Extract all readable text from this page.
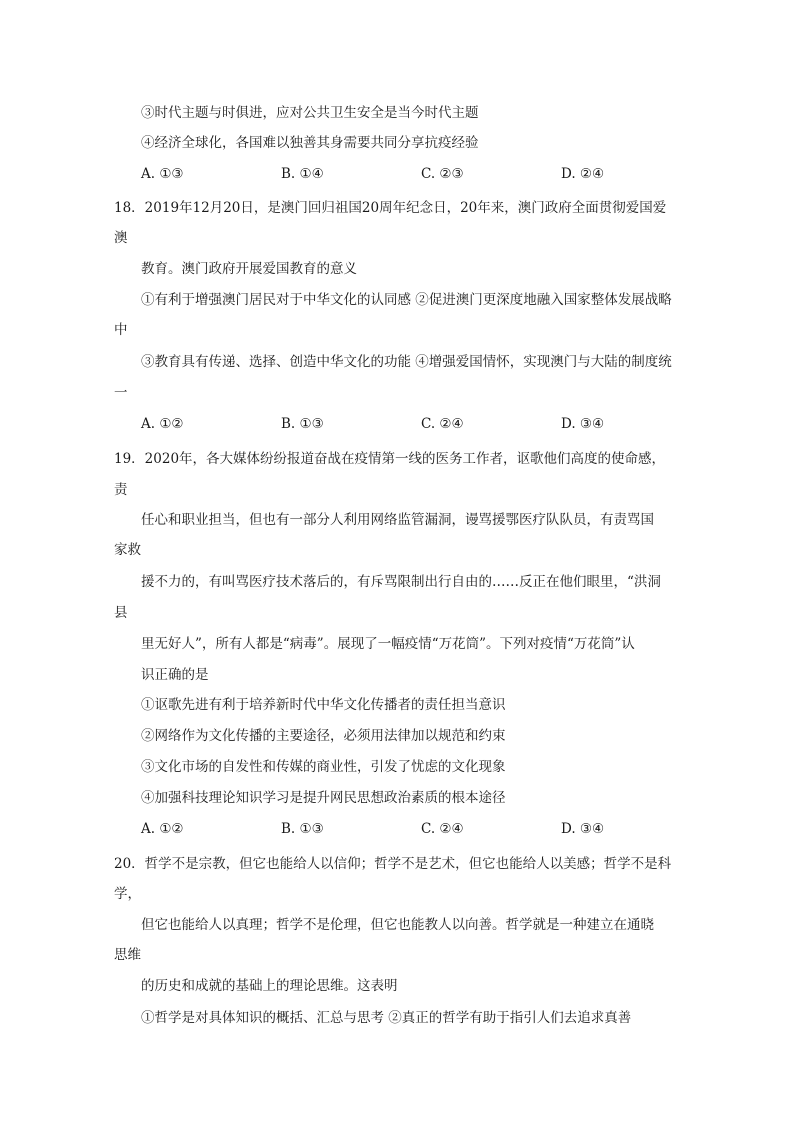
③时代主题与时俱进，应对公共卫生安全是当今时代主题
④经济全球化，各国难以独善其身需要共同分享抗疫经验
A. ①③	B. ①④	C. ②③	D. ②④
18．2019年12月20日，是澳门回归祖国20周年纪念日，20年来，澳门政府全面贯彻爱国爱
澳
教育。澳门政府开展爱国教育的意义
①有利于增强澳门居民对于中华文化的认同感 ②促进澳门更深度地融入国家整体发展战略
中
③教育具有传递、选择、创造中华文化的功能 ④增强爱国情怀，实现澳门与大陆的制度统
一
A. ①②	B. ①③	C. ②④	D. ③④
19．2020年，各大媒体纷纷报道奋战在疫情第一线的医务工作者，讴歌他们高度的使命感，
责
任心和职业担当，但也有一部分人利用网络监管漏洞，谩骂援鄂医疗队队员，有责骂国
家救
援不力的，有叫骂医疗技术落后的，有斥骂限制出行自由的……反正在他们眼里，“洪洞
县
里无好人”，所有人都是“病毒”。展现了一幅疫情“万花筒”。下列对疫情“万花筒”认
识正确的是
①讴歌先进有利于培养新时代中华文化传播者的责任担当意识
②网络作为文化传播的主要途径，必须用法律加以规范和约束
③文化市场的自发性和传媒的商业性，引发了忧虑的文化现象
④加强科技理论知识学习是提升网民思想政治素质的根本途径
A. ①②	B. ①③	C. ②④	D. ③④
20．哲学不是宗教，但它也能给人以信仰；哲学不是艺术，但它也能给人以美感；哲学不是科
学，
但它也能给人以真理；哲学不是伦理，但它也能教人以向善。哲学就是一种建立在通晓
思维
的历史和成就的基础上的理论思维。这表明
①哲学是对具体知识的概括、汇总与思考 ②真正的哲学有助于指引人们去追求真善
